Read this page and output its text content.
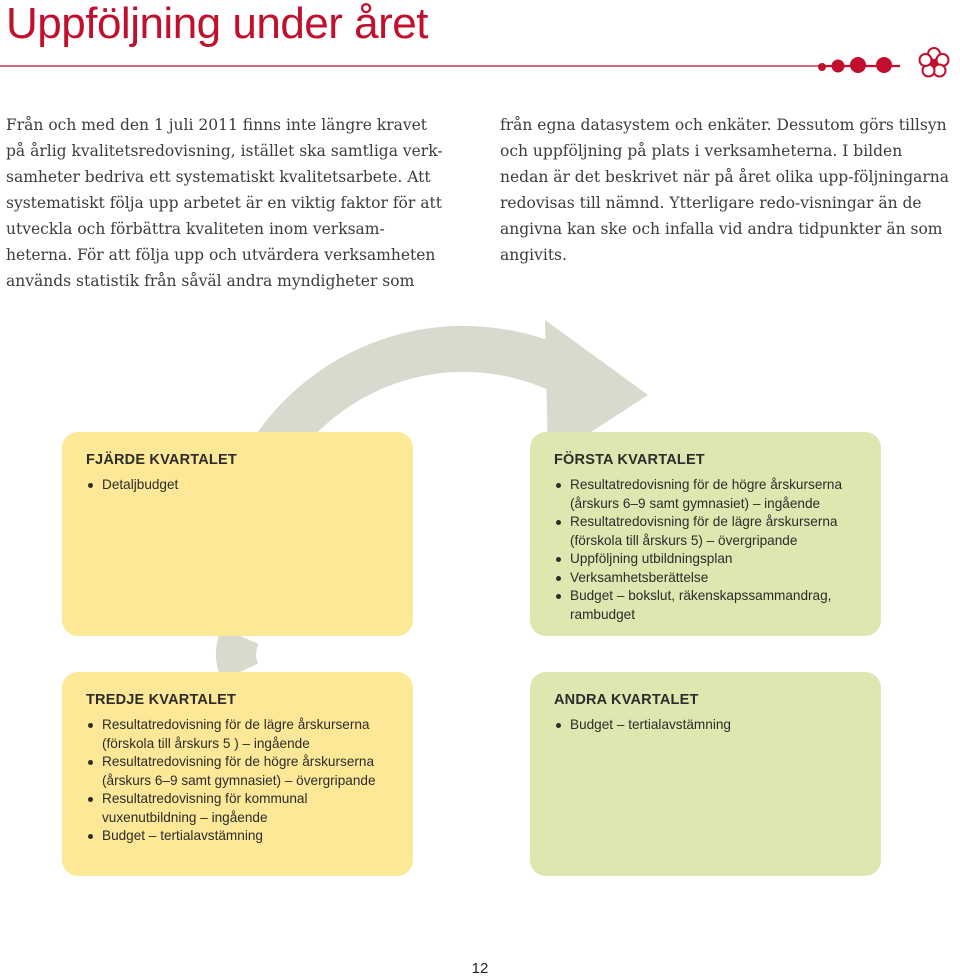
Uppföljning under året

Från och med den 1 juli 2011 finns inte längre kravet på årlig kvalitetsredovisning, istället ska samtliga verk-samheter bedriva ett systematiskt kvalitetsarbete. Att systematiskt följa upp arbetet är en viktig faktor för att utveckla och förbättra kvaliteten inom verksam-heterna. För att följa upp och utvärdera verksamheten används statistik från såväl andra myndigheter som

från egna datasystem och enkäter. Dessutom görs tillsyn och uppföljning på plats i verksamheterna. I bilden nedan är det beskrivet när på året olika upp-följningarna redovisas till nämnd. Ytterligare redo-visningar än de angivna kan ske och infalla vid andra tidpunkter än som angivits.

FJÄRDE KVARTALET
Detaljbudget
FÖRSTA KVARTALET
Resultatredovisning för de högre årskurserna (årskurs 6–9 samt gymnasiet) – ingående
Resultatredovisning för de lägre årskurserna (förskola till årskurs 5) – övergripande
Uppföljning utbildningsplan
Verksamhetsberättelse
Budget – bokslut, räkenskapssammandrag, rambudget
TREDJE KVARTALET
Resultatredovisning för de lägre årskurserna (förskola till årskurs 5 ) – ingående
Resultatredovisning för de högre årskurserna (årskurs 6–9 samt gymnasiet) – övergripande
Resultatredovisning för kommunal vuxenutbildning – ingående
Budget – tertialavstämning
ANDRA KVARTALET
Budget – tertialavstämning
12
